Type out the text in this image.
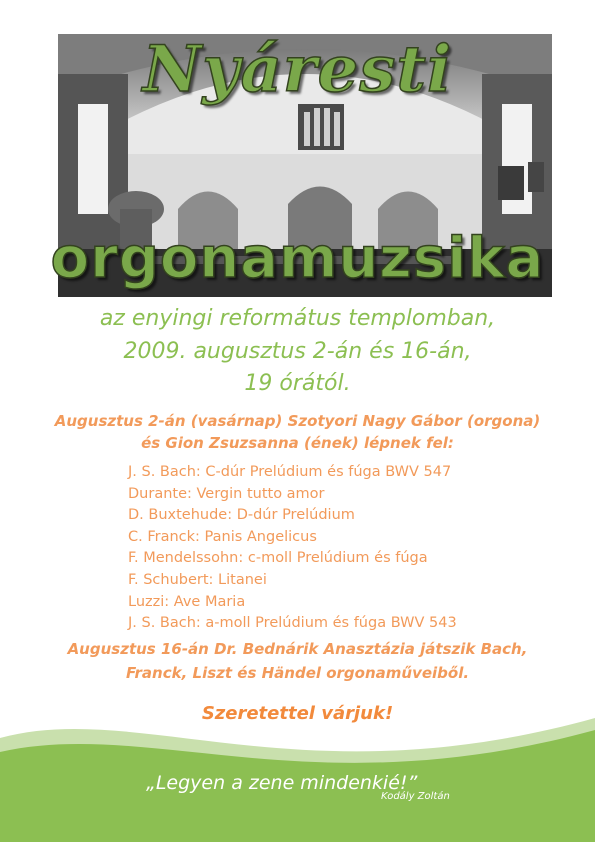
Nyáresti
orgonamuzsika
az enyingi református templomban,
2009. augusztus 2-án és 16-án,
19 órától.
Augusztus 2-án (vasárnap) Szotyori Nagy Gábor (orgona)
és Gion Zsuzsanna (ének) lépnek fel:
J. S. Bach: C-dúr Prelúdium és fúga BWV 547
Durante: Vergin tutto amor
D. Buxtehude: D-dúr Prelúdium
C. Franck: Panis Angelicus
F. Mendelssohn: c-moll Prelúdium és fúga
F. Schubert: Litanei
Luzzi: Ave Maria
J. S. Bach: a-moll Prelúdium és fúga BWV 543
Augusztus 16-án Dr. Bednárik Anasztázia játszik Bach,
Franck, Liszt és Händel orgonaműveiből.
Szeretettel várjuk!
„Legyen a zene mindenkié!”
Kodály Zoltán
